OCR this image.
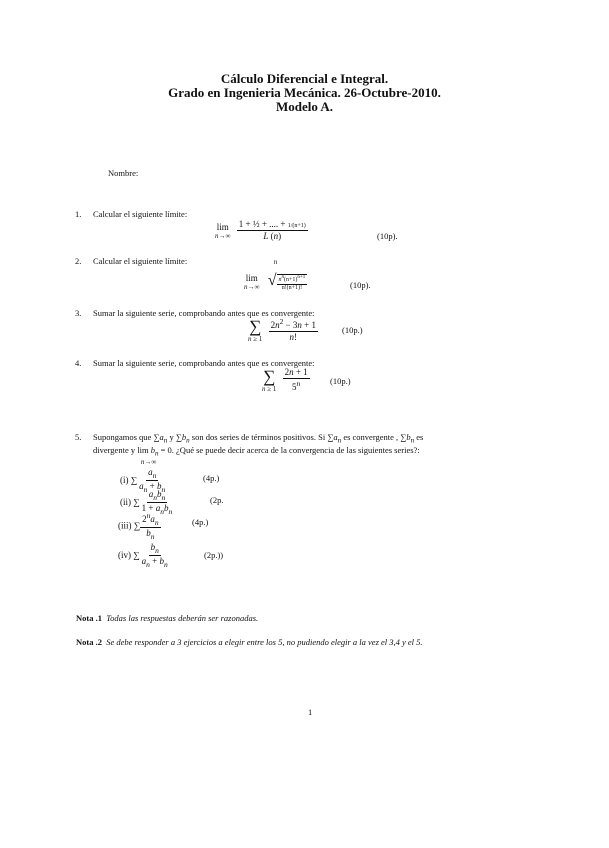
Cálculo Diferencial e Integral.
Grado en Ingenieria Mecánica. 26-Octubre-2010.
Modelo A.
Nombre:
1. Calcular el siguiente límite:
lim
n→∞
$\frac{\text{1 + ½ + .... + 1/(n+1)}}{L (n)}$	(10p).
2. Calcular el siguiente límite:
lim
n→∞

n
√ $\frac{n^n(n+1)^{n+1}}{n!(n+1)!}$	(10p).
3. Sumar la siguiente serie, comprobando antes que es convergente:
∑
n ≥ 1
$\frac{2n^2 - 3n + 1}{n!}$	(10p.)
4. Sumar la siguiente serie, comprobando antes que es convergente:
∑
n ≥ 1
$\frac{2n + 1}{5^n} (10p.)$
5. Supongamos que $\sum a_n$ y $\sum b_n$ son dos series de términos positivos. Si $\sum a_n$ es convergente , $\sum b_n$ es
divergente y $\lim b_n = 0$.
n→∞
¿Qué se puede decir acerca de la convergencia de las siguientes series?:
(i) ∑ $\frac{a_n}{a_n + b_n}$	(4p.)
(ii) ∑ $\frac{a_nb_n}{1 + a_nb_n}$	(2p.
(iii) ∑ $\frac{2^na_n}{b_n}$	(4p.)
(iv) ∑ $\frac{b_n}{a_n + b_n}$	(2p.))
Nota .1 Todas las respuestas deberán ser razonadas.
Nota .2 Se debe responder a 3 ejercicios a elegir entre los 5, no pudiendo elegir a la vez el 3,4 y el 5.
1
